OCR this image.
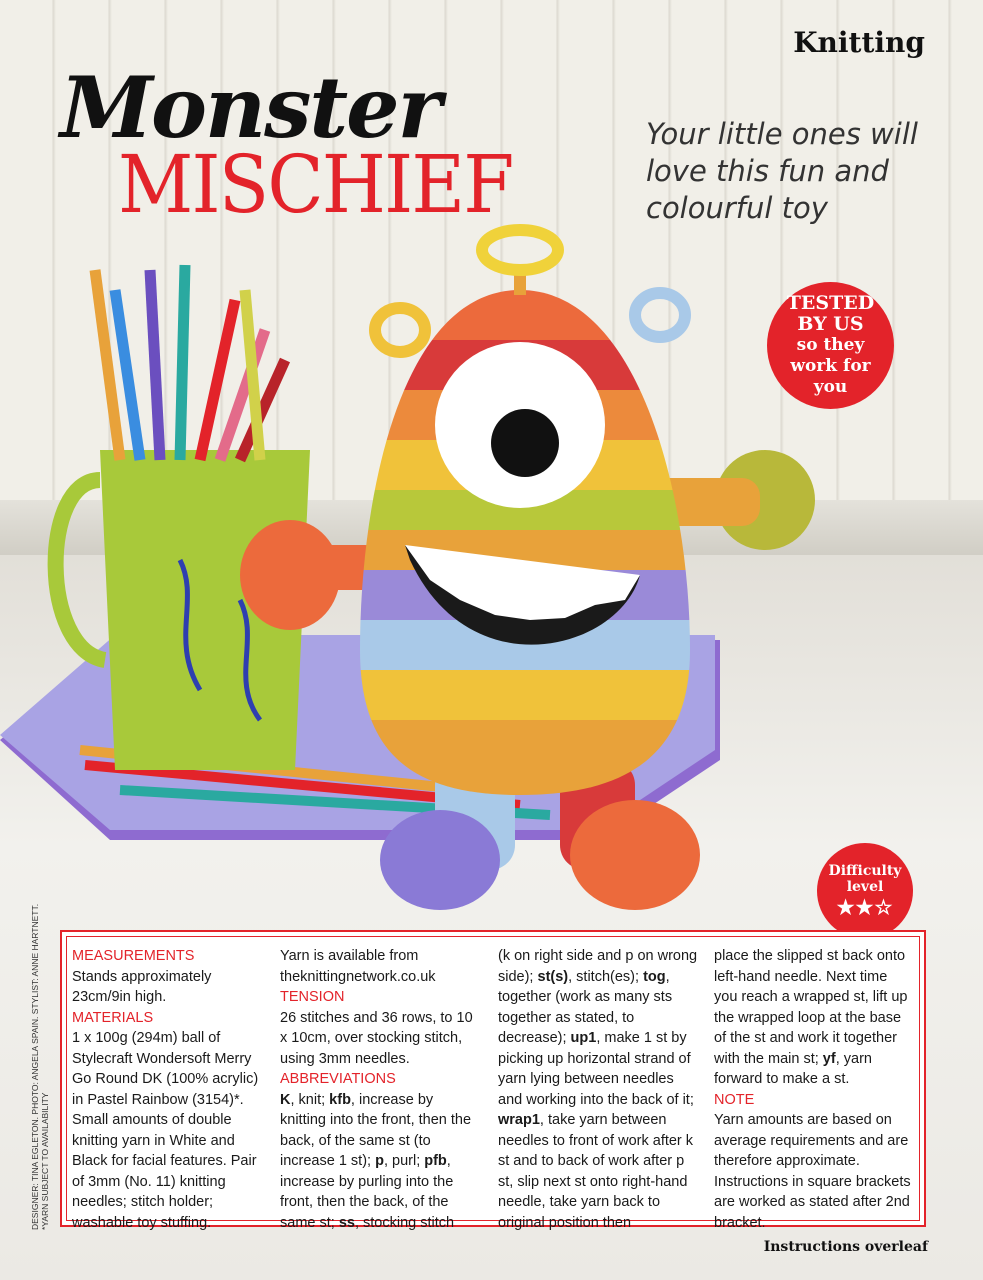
Knitting
Monster
MISCHIEF
Your little ones will love this fun and colourful toy
TESTED
BY US
so they work for you
Difficulty level
★★☆
DESIGNER: TINA EGLETON. PHOTO: ANGELA SPAIN. STYLIST: ANNE HARTNETT. *YARN SUBJECT TO AVAILABILITY
MEASUREMENTS

Stands approximately 23cm/9in high.

MATERIALS

1 x 100g (294m) ball of Stylecraft Wondersoft Merry Go Round DK (100% acrylic) in Pastel Rainbow (3154)*. Small amounts of double knitting yarn in White and Black for facial features. Pair of 3mm (No. 11) knitting needles; stitch holder; washable toy stuffing.

Yarn is available from theknittingnetwork.co.uk

TENSION

26 stitches and 36 rows, to 10 x 10cm, over stocking stitch, using 3mm needles.

ABBREVIATIONS

K, knit; kfb, increase by knitting into the front, then the back, of the same st (to increase 1 st); p, purl; pfb, increase by purling into the front, then the back, of the same st; ss, stocking stitch

(k on right side and p on wrong side); st(s), stitch(es); tog, together (work as many sts together as stated, to decrease); up1, make 1 st by picking up horizontal strand of yarn lying between needles and working into the back of it; wrap1, take yarn between needles to front of work after k st and to back of work after p st, slip next st onto right-hand needle, take yarn back to original position then

place the slipped st back onto left-hand needle. Next time you reach a wrapped st, lift up the wrapped loop at the base of the st and work it together with the main st; yf, yarn forward to make a st.

NOTE

Yarn amounts are based on average requirements and are therefore approximate. Instructions in square brackets are worked as stated after 2nd bracket.

Instructions overleaf
